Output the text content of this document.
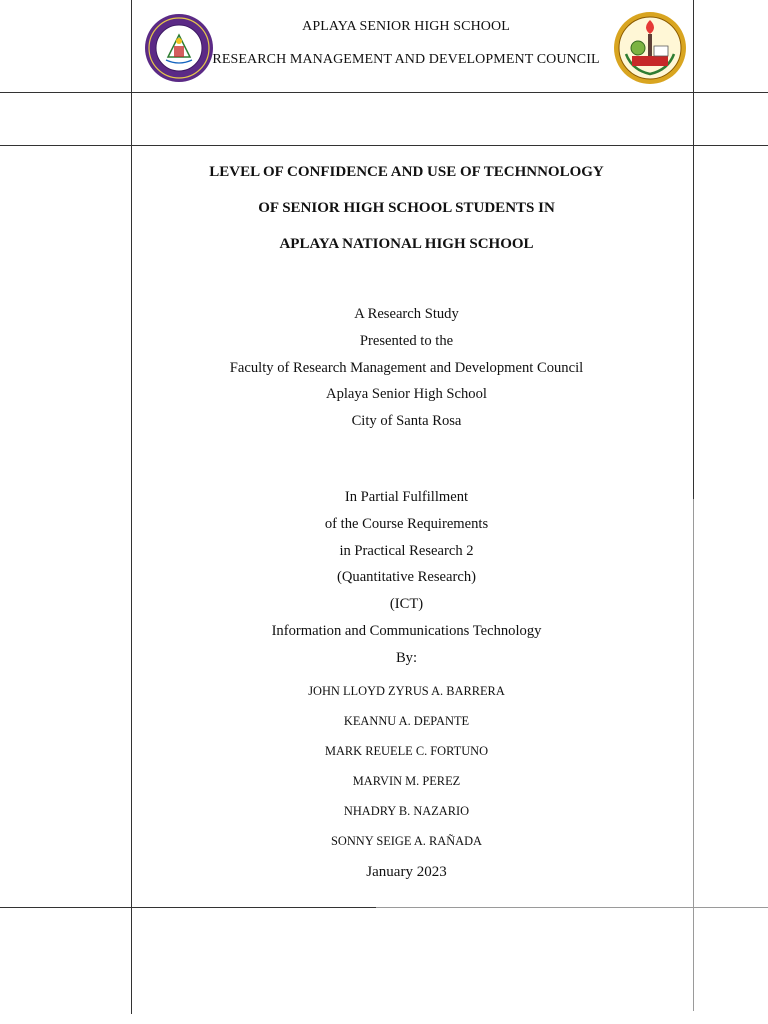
APLAYA SENIOR HIGH SCHOOL
RESEARCH MANAGEMENT AND DEVELOPMENT COUNCIL
LEVEL OF CONFIDENCE AND USE OF TECHNNOLOGY
OF SENIOR HIGH SCHOOL STUDENTS IN
APLAYA NATIONAL HIGH SCHOOL
A Research Study
Presented to the
Faculty of Research Management and Development Council
Aplaya Senior High School
City of Santa Rosa
In Partial Fulfillment
of the Course Requirements
in Practical Research 2
(Quantitative Research)
(ICT)
Information and Communications Technology
By:
JOHN LLOYD ZYRUS A. BARRERA
KEANNU A. DEPANTE
MARK REUELE C. FORTUNO
MARVIN M. PEREZ
NHADRY B. NAZARIO
SONNY SEIGE A. RAÑADA
January 2023
